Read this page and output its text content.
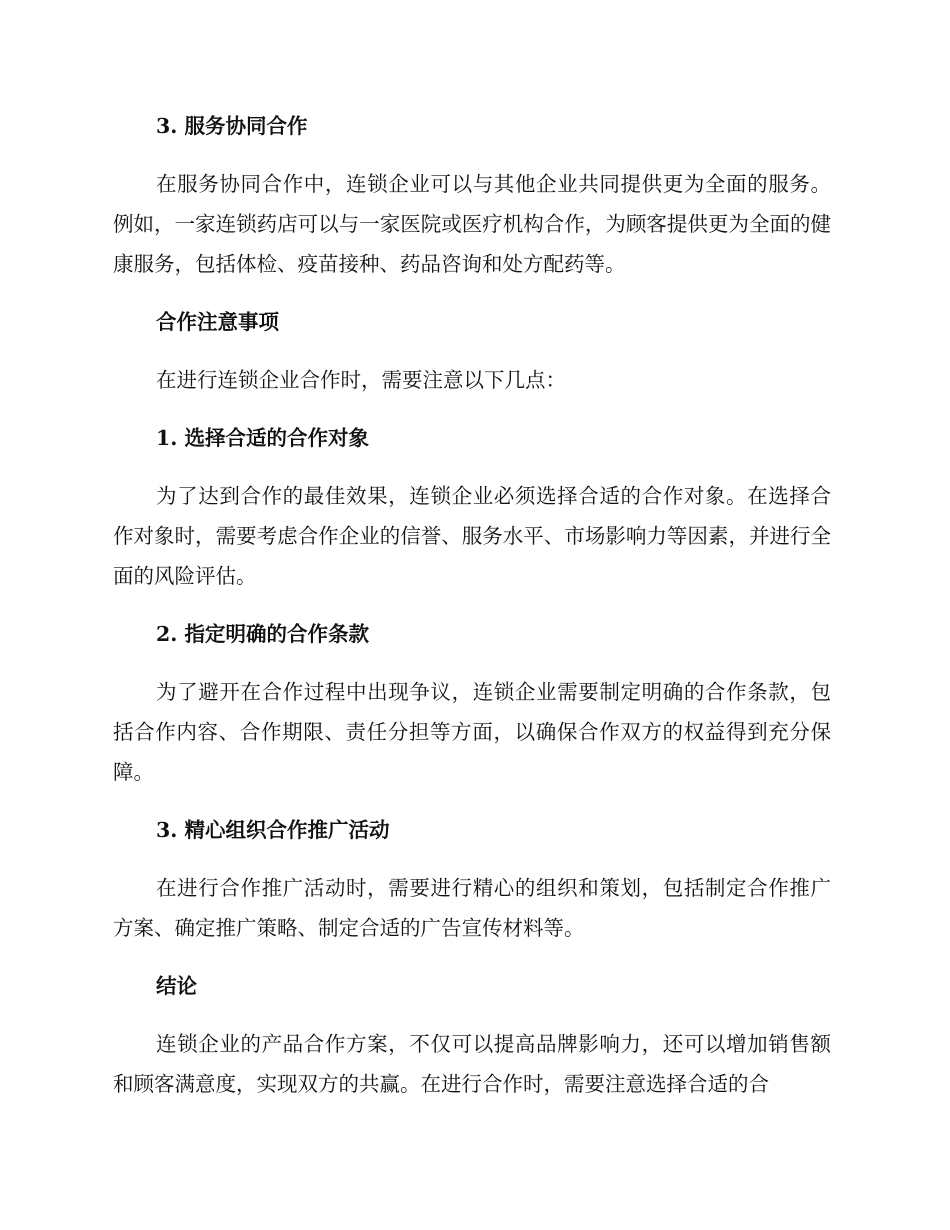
3. 服务协同合作

在服务协同合作中，连锁企业可以与其他企业共同提供更为全面的服务。例如，一家连锁药店可以与一家医院或医疗机构合作，为顾客提供更为全面的健康服务，包括体检、疫苗接种、药品咨询和处方配药等。

合作注意事项

在进行连锁企业合作时，需要注意以下几点：

1. 选择合适的合作对象

为了达到合作的最佳效果，连锁企业必须选择合适的合作对象。在选择合作对象时，需要考虑合作企业的信誉、服务水平、市场影响力等因素，并进行全面的风险评估。

2. 指定明确的合作条款

为了避开在合作过程中出现争议，连锁企业需要制定明确的合作条款，包括合作内容、合作期限、责任分担等方面，以确保合作双方的权益得到充分保障。

3. 精心组织合作推广活动

在进行合作推广活动时，需要进行精心的组织和策划，包括制定合作推广方案、确定推广策略、制定合适的广告宣传材料等。

结论

连锁企业的产品合作方案，不仅可以提高品牌影响力，还可以增加销售额和顾客满意度，实现双方的共赢。在进行合作时，需要注意选择合适的合
